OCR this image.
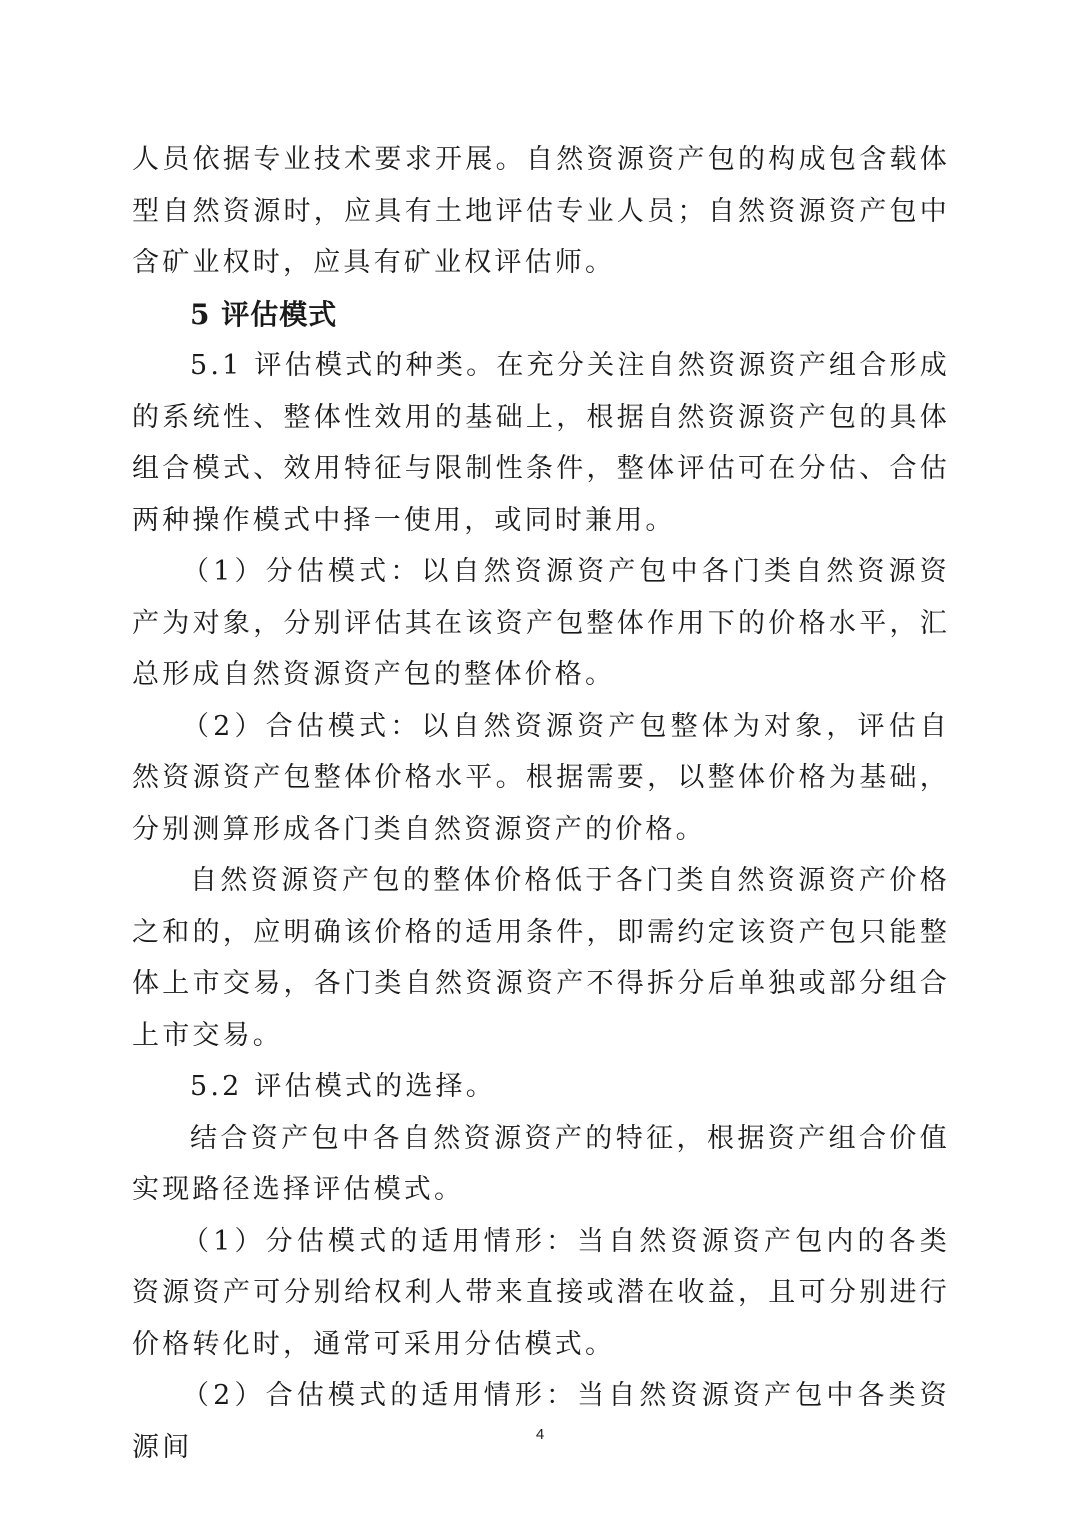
人员依据专业技术要求开展。自然资源资产包的构成包含载体型自然资源时，应具有土地评估专业人员；自然资源资产包中含矿业权时，应具有矿业权评估师。

5 评估模式

5.1 评估模式的种类。在充分关注自然资源资产组合形成的系统性、整体性效用的基础上，根据自然资源资产包的具体组合模式、效用特征与限制性条件，整体评估可在分估、合估两种操作模式中择一使用，或同时兼用。

（1）分估模式：以自然资源资产包中各门类自然资源资产为对象，分别评估其在该资产包整体作用下的价格水平，汇总形成自然资源资产包的整体价格。

（2）合估模式：以自然资源资产包整体为对象，评估自然资源资产包整体价格水平。根据需要，以整体价格为基础，分别测算形成各门类自然资源资产的价格。

自然资源资产包的整体价格低于各门类自然资源资产价格之和的，应明确该价格的适用条件，即需约定该资产包只能整体上市交易，各门类自然资源资产不得拆分后单独或部分组合上市交易。

5.2 评估模式的选择。

结合资产包中各自然资源资产的特征，根据资产组合价值实现路径选择评估模式。

（1）分估模式的适用情形：当自然资源资产包内的各类资源资产可分别给权利人带来直接或潜在收益，且可分别进行价格转化时，通常可采用分估模式。

（2）合估模式的适用情形：当自然资源资产包中各类资源间	4
